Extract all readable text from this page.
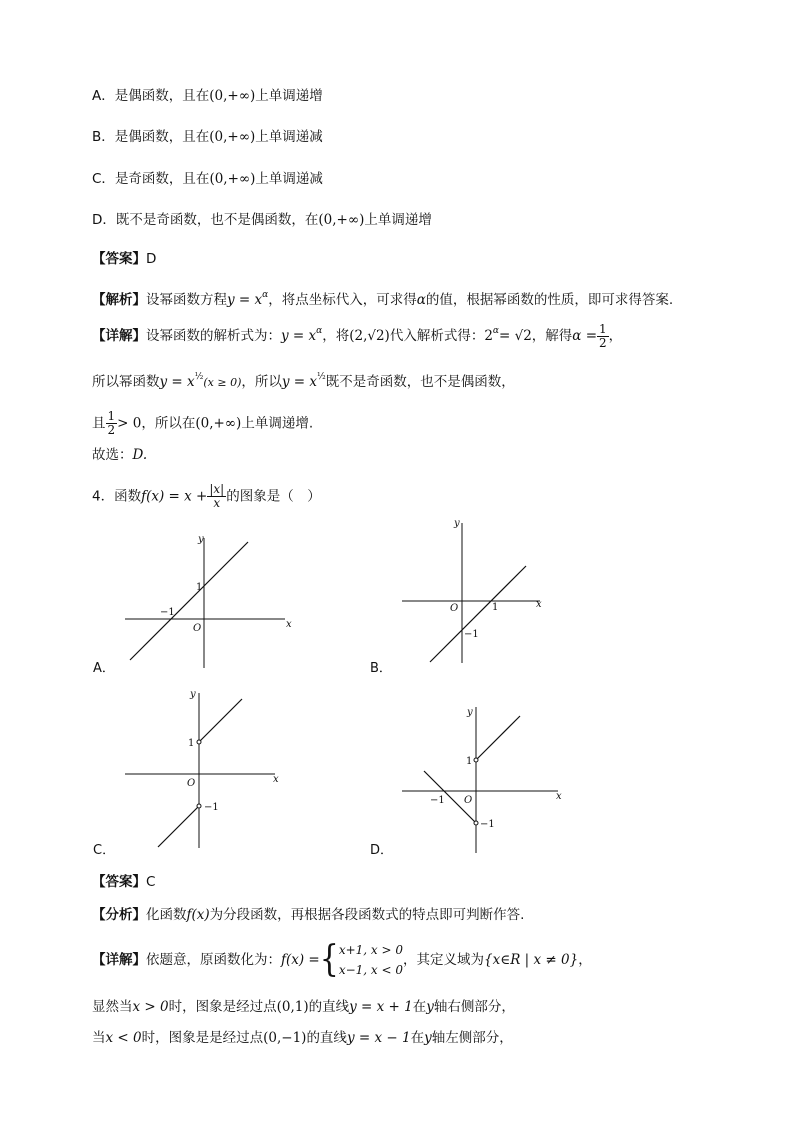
A．是偶函数，且在(0,+∞)上单调递增
B．是偶函数，且在(0,+∞)上单调递减
C．是奇函数，且在(0,+∞)上单调递减
D．既不是奇函数，也不是偶函数，在(0,+∞)上单调递增
【答案】D
【解析】设幂函数方程$y = x^\alpha$，将点坐标代入，可求得α的值，根据幂函数的性质，即可求得答案.
【详解】设幂函数的解析式为：$y = x^\alpha$，将(2,√2)代入解析式得：$2^\alpha= √2$，解得$\alpha = \frac{1}{2}$ ，
所以幂函数$y = x^{\frac{1}{2}}(x \ge 0)$，所以$y = x^{\frac{1}{2}}$既不是奇函数，也不是偶函数，
且 $\frac{1}{2} > 0$，所以在(0,+∞)上单调递增.
故选：D.
4．函数$f(x) = x + \frac{|x|}{x}$ 的图象是（　）
x
y
O
1
−1
A．
x
y
O	1
−1
B．
x
y
O
1
−1
C．
x
y
O
1
−1
−1
D．
【答案】C
【分析】化函数f(x)为分段函数，再根据各段函数式的特点即可判断作答.
【详解】依题意，原函数化为：f(x) ={ x+1, x > 0
x−1, x < 0
，其定义域为{x∈R | x ≠ 0}，
显然当x > 0时，图象是经过点(0,1)的直线y = x + 1在y轴右侧部分，
当x < 0时，图象是是经过点(0,−1)的直线y = x − 1在y轴左侧部分，
